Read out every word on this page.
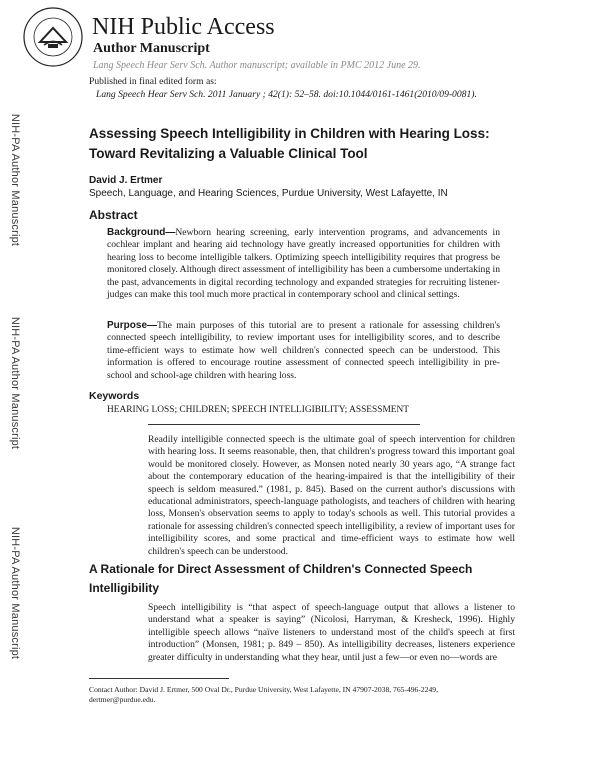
NIH Public Access
Author Manuscript
Lang Speech Hear Serv Sch. Author manuscript; available in PMC 2012 June 29.
NIH-PA Author Manuscript
NIH-PA Author Manuscript
NIH-PA Author Manuscript
Published in final edited form as:
Lang Speech Hear Serv Sch. 2011 January ; 42(1): 52–58. doi:10.1044/0161-1461(2010/09-0081).
Assessing Speech Intelligibility in Children with Hearing Loss:
Toward Revitalizing a Valuable Clinical Tool
David J. Ertmer
Speech, Language, and Hearing Sciences, Purdue University, West Lafayette, IN
Abstract

Background—Newborn hearing screening, early intervention programs, and advancements in cochlear implant and hearing aid technology have greatly increased opportunities for children with hearing loss to become intelligible talkers. Optimizing speech intelligibility requires that progress be monitored closely. Although direct assessment of intelligibility has been a cumbersome undertaking in the past, advancements in digital recording technology and expanded strategies for recruiting listener-judges can make this tool much more practical in contemporary school and clinical settings.

Purpose—The main purposes of this tutorial are to present a rationale for assessing children's connected speech intelligibility, to review important uses for intelligibility scores, and to describe time-efficient ways to estimate how well children's connected speech can be understood. This information is offered to encourage routine assessment of connected speech intelligibility in pre-school and school-age children with hearing loss.

Keywords
HEARING LOSS; CHILDREN; SPEECH INTELLIGIBILITY; ASSESSMENT

Readily intelligible connected speech is the ultimate goal of speech intervention for children with hearing loss. It seems reasonable, then, that children's progress toward this important goal would be monitored closely. However, as Monsen noted nearly 30 years ago, “A strange fact about the contemporary education of the hearing-impaired is that the intelligibility of their speech is seldom measured.” (1981, p. 845). Based on the current author's discussions with educational administrators, speech-language pathologists, and teachers of children with hearing loss, Monsen's observation seems to apply to today's schools as well. This tutorial provides a rationale for assessing children's connected speech intelligibility, a review of important uses for intelligibility scores, and some practical and time-efficient ways to estimate how well children's speech can be understood.

A Rationale for Direct Assessment of Children's Connected Speech
Intelligibility

Speech intelligibility is “that aspect of speech-language output that allows a listener to understand what a speaker is saying” (Nicolosi, Harryman, & Kresheck, 1996). Highly intelligible speech allows “naïve listeners to understand most of the child's speech at first introduction” (Monsen, 1981; p. 849 – 850). As intelligibility decreases, listeners experience greater difficulty in understanding what they hear, until just a few—or even no—words are

Contact Author: David J. Ertmer, 500 Oval Dr., Purdue University, West Lafayette, IN 47907-2038, 765-496-2249, dertmer@purdue.edu.
